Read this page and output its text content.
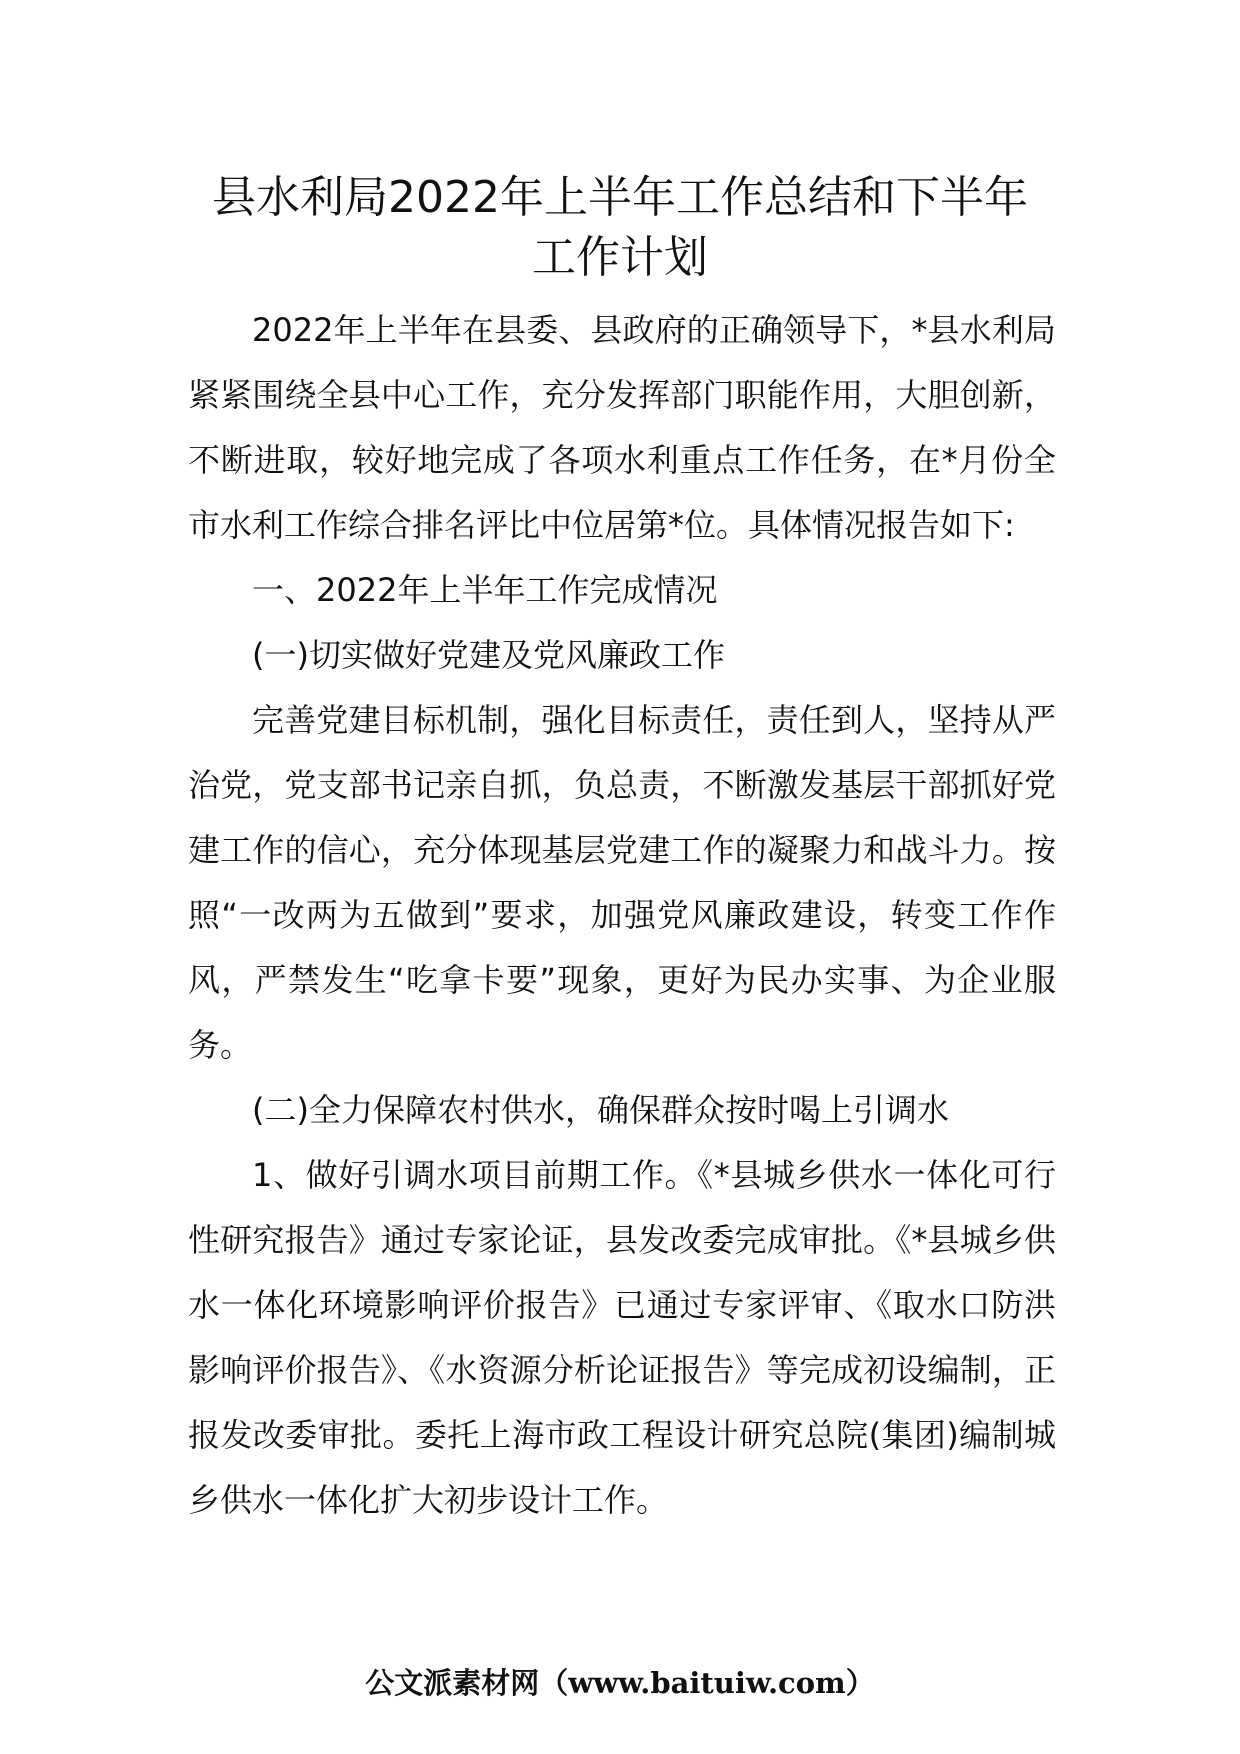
县水利局2022年上半年工作总结和下半年
工作计划

2022年上半年在县委、县政府的正确领导下，*县水利局紧紧围绕全县中心工作，充分发挥部门职能作用，大胆创新，不断进取，较好地完成了各项水利重点工作任务，在*月份全市水利工作综合排名评比中位居第*位。具体情况报告如下:

一、2022年上半年工作完成情况

(一)切实做好党建及党风廉政工作

完善党建目标机制，强化目标责任，责任到人，坚持从严治党，党支部书记亲自抓，负总责，不断激发基层干部抓好党建工作的信心，充分体现基层党建工作的凝聚力和战斗力。按照“一改两为五做到”要求，加强党风廉政建设，转变工作作风，严禁发生“吃拿卡要”现象，更好为民办实事、为企业服务。

(二)全力保障农村供水，确保群众按时喝上引调水

1、做好引调水项目前期工作。《*县城乡供水一体化可行性研究报告》通过专家论证，县发改委完成审批。《*县城乡供水一体化环境影响评价报告》已通过专家评审、《取水口防洪影响评价报告》、《水资源分析论证报告》等完成初设编制，正报发改委审批。委托上海市政工程设计研究总院(集团)编制城乡供水一体化扩大初步设计工作。

公文派素材网（www.baituiw.com）
